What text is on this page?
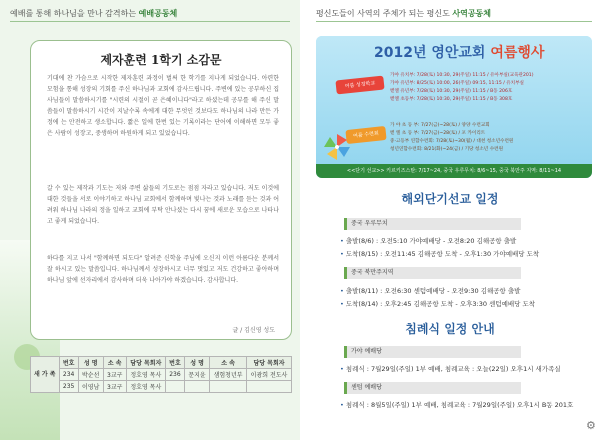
예배를 통해 하나님을 만나 감격하는 예배공동체
제자훈련 1학기 소감문
기대에 찬 가슴으로 시작한 제자훈련 과정이 벌써 한 학기를 지나게 되었습니다. 아련한 모험을 통해 성장의 기회를 주신 하나님과 교회에 감사드립니다. 주변에 있는 공부하신 집사님들이 말씀하시기를 "시련의 시절이 곧 은혜이니다"라고 하셨는데 공부를 해 주신 말씀들이 말씀하시기 시간이 지날수록 속에게 대한 무엇인 것보다도 하나님의 나라 만든 가정에 는 안전하고 생소합니다. 짧은 일에 한번 있는 기록이라는 단어에 이해하면 모두 좋은 사람이 성장고, 중생하며 하원하게 되고 있었습니다.
갈 수 있는 제작과 기도는 저와 주변 삶들의 기도로는 점점 자라고 있습니다. 저도 이것에 대한 것들을 서로 이야기하고 하나님 교회에서 함께하며 빛나는 것과 노래를 듣는 것과 어려워 하나님 나라의 정을 일하고 교회에 부탁 안나셨는 다시 꿈에 새로운 모습으로 나타나고 좋게 되었습니다.
하다를 지고 나서 "함께하면 되도다" 알려준 신학을 주님에 오신지 이런 아름다운 분께서 잘 하시고 있는 말씀입니다. 하나님께서 성장하시고 너무 멋있고 저도 건강하고 좋아하며 하나님 앞에 선자리에서 감사하며 더욱 나아가야 하겠습니다. 감사합니다.
글 / 김신영 성도
새 가 족	번호	성 명	소 속	담당 목회자	번호	성 명	소 속	담당 목회자
	234	박순선	3교구	정호영 목사	236	문지윤	샘험청년부	이광희 전도사
	235	이영남	3교구	정호영 목사				
평신도들이 사역의 주체가 되는 평신도 사역공동체
2012년 영안교회 여름행사
여름 성경학교
가야 유치부: 7/28(토) 10:30, 29(주일) 11:15 / 유아부실(교육관201)
가야 유년부: 8/25(토) 10:00, 26(주일) 09:15, 11:15 / 유치부실
벧엘 유년부: 7/28(토) 10:30, 29(주일) 11:15 / B동 206호
벧엘 초등부: 7/28(토) 10:30, 29(주일) 11:15 / B동 308호
여름 수련회
가 야 초 등 부: 7/27(금)~28(토) / 양양 수련교회
벧 엘 초 등 부: 7/27(금)~28(토) / 포 카이리트
중·고등부 연합수련회: 7/28(토)~30(월) / 대천 청소년수련원
청년연합수련회: 8/21(화)~24(금) / 기당 청소년 수련원
<<단기 선교>> 키르키즈스탄: 7/17~24, 중국 우루무치: 8/6~15, 중국 북만주 지역: 8/11~14
해외단기선교 일정
중국 우루무치
• 출발(8/6) : 오전5:10 가야예배당 - 오전8:20 김해공항 출발
• 도착(8/15) : 오전11:45 김해공항 도착 - 오후1:30 가야예배당 도착
중국 북만주지역
• 출발(8/11) : 오전6:30 센텀예배당 - 오전9:30 김해공항 출발
• 도착(8/14) : 오후2:45 김해공항 도착 - 오후3:30 센텀예배당 도착
침례식 일정 안내
가야 예배당
• 침례식 : 7월29일(주일) 1부 예배, 침례교육 : 오늘(22일) 오후1시 새가족실
센텀 예배당
• 침례식 : 8월5일(주일) 1부 예배, 침례교육 : 7월29일(주일) 오후1시 B동 201호
⚙
